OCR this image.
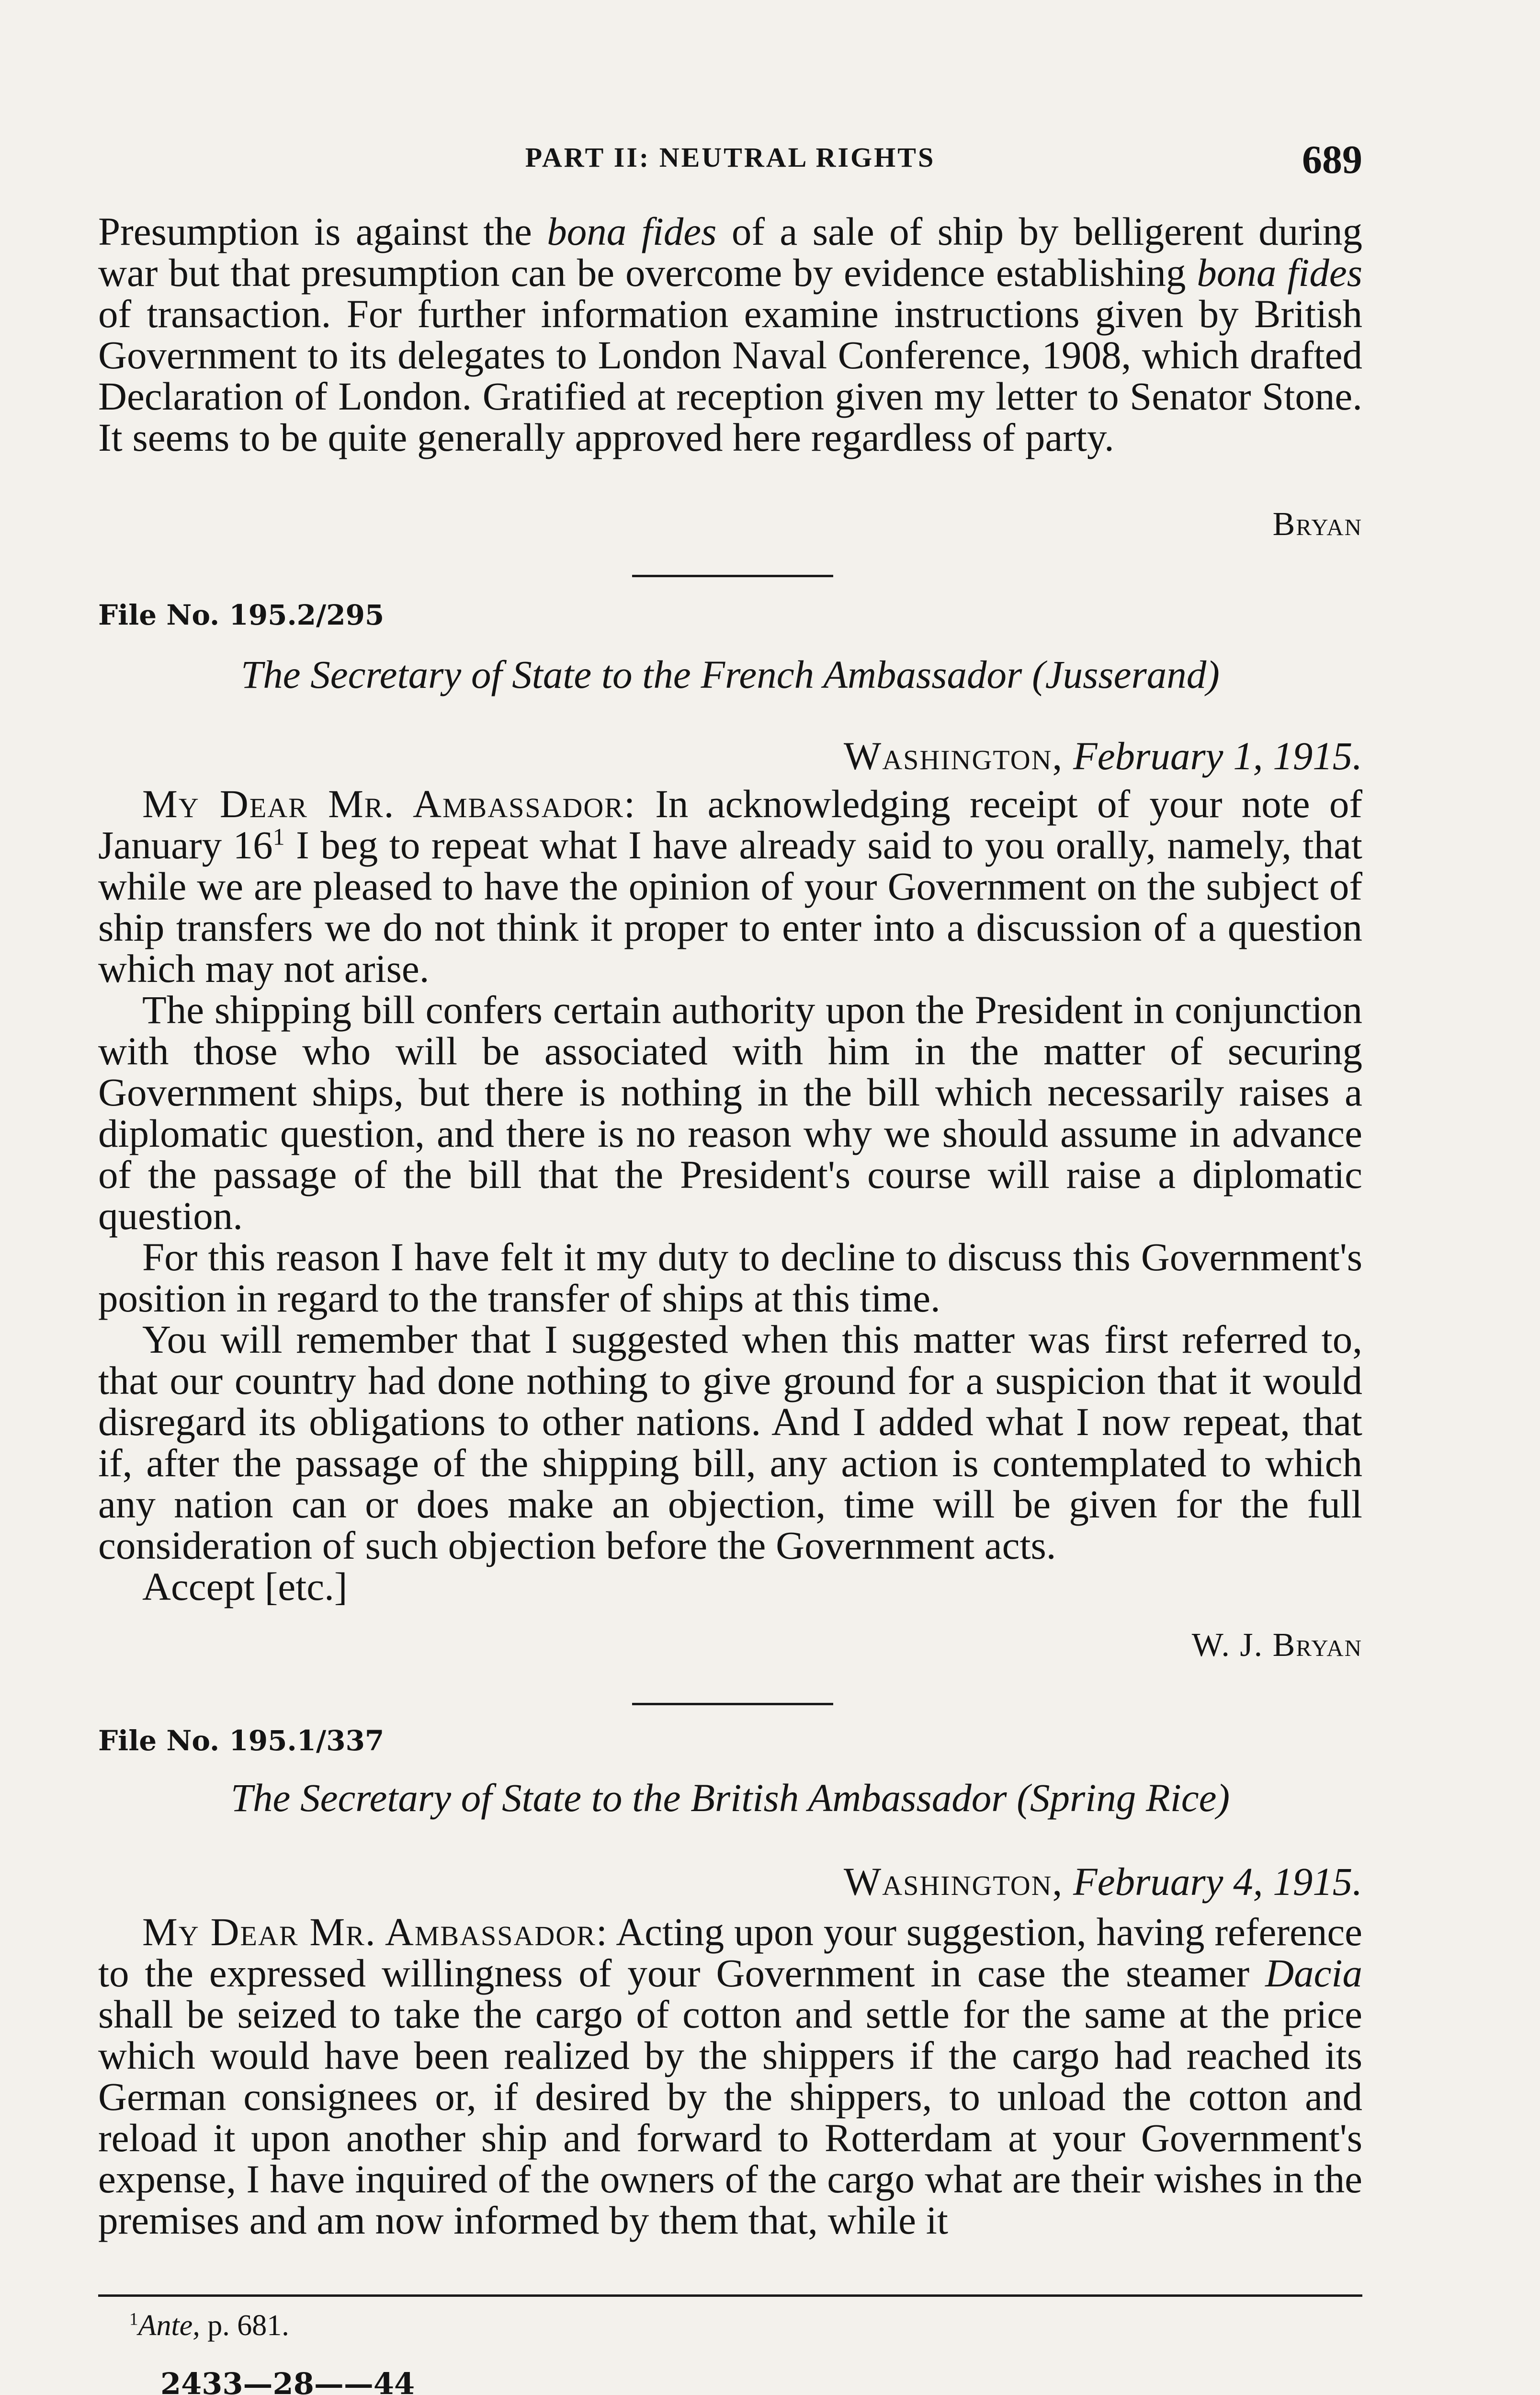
PART II: NEUTRAL RIGHTS	689
Presumption is against the bona fides of a sale of ship by belligerent during war but that presumption can be overcome by evidence establishing bona fides of transaction. For further information examine instructions given by British Government to its delegates to London Naval Conference, 1908, which drafted Declaration of London. Gratified at reception given my letter to Senator Stone. It seems to be quite generally approved here regardless of party.
Bryan
File No. 195.2/295
The Secretary of State to the French Ambassador (Jusserand)
Washington, February 1, 1915.

My Dear Mr. Ambassador: In acknowledging receipt of your note of January $16^1$ I beg to repeat what I have already said to you orally, namely, that while we are pleased to have the opinion of your Government on the subject of ship transfers we do not think it proper to enter into a discussion of a question which may not arise.

The shipping bill confers certain authority upon the President in conjunction with those who will be associated with him in the matter of securing Government ships, but there is nothing in the bill which necessarily raises a diplomatic question, and there is no reason why we should assume in advance of the passage of the bill that the President's course will raise a diplomatic question.

For this reason I have felt it my duty to decline to discuss this Government's position in regard to the transfer of ships at this time.

You will remember that I suggested when this matter was first referred to, that our country had done nothing to give ground for a suspicion that it would disregard its obligations to other nations. And I added what I now repeat, that if, after the passage of the shipping bill, any action is contemplated to which any nation can or does make an objection, time will be given for the full consideration of such objection before the Government acts.

Accept [etc.]

W. J. Bryan
File No. 195.1/337
The Secretary of State to the British Ambassador (Spring Rice)
Washington, February 4, 1915.

My Dear Mr. Ambassador: Acting upon your suggestion, having reference to the expressed willingness of your Government in case the steamer Dacia shall be seized to take the cargo of cotton and settle for the same at the price which would have been realized by the shippers if the cargo had reached its German consignees or, if desired by the shippers, to unload the cotton and reload it upon another ship and forward to Rotterdam at your Government's expense, I have inquired of the owners of the cargo what are their wishes in the premises and am now informed by them that, while it

$^1$Ante, p. 681.
2433—28——44
